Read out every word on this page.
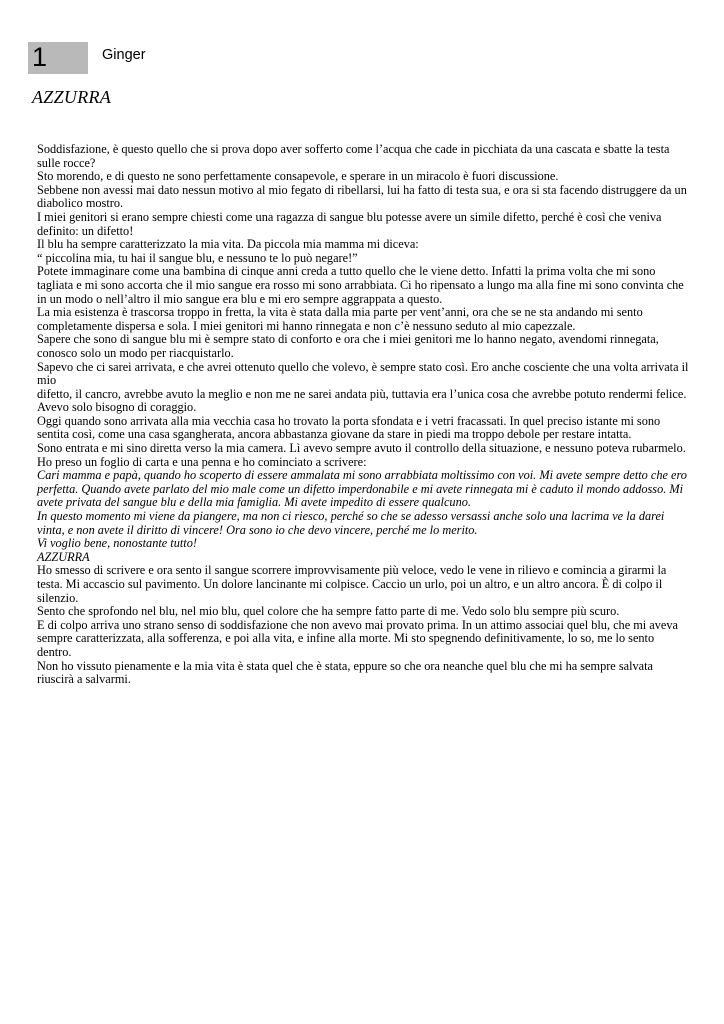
1	Ginger
AZZURRA

Soddisfazione, è questo quello che si prova dopo aver sofferto come l’acqua che cade in picchiata da una cascata e sbatte la testa sulle rocce?

Sto morendo, e di questo ne sono perfettamente consapevole, e sperare in un miracolo è fuori discussione.

Sebbene non avessi mai dato nessun motivo al mio fegato di ribellarsi, lui ha fatto di testa sua, e ora si sta facendo distruggere da un diabolico mostro.

I miei genitori si erano sempre chiesti come una ragazza di sangue blu potesse avere un simile difetto, perché è così che veniva definito: un difetto!

Il blu ha sempre caratterizzato la mia vita. Da piccola mia mamma mi diceva:

“ piccolina mia, tu hai il sangue blu, e nessuno te lo può negare!”

Potete immaginare come una bambina di cinque anni creda a tutto quello che le viene detto. Infatti la prima volta che mi sono tagliata e mi sono accorta che il mio sangue era rosso mi sono arrabbiata. Ci ho ripensato a lungo ma alla fine mi sono convinta che in un modo o nell’altro il mio sangue era blu e mi ero sempre aggrappata a questo.

La mia esistenza è trascorsa troppo in fretta, la vita è stata dalla mia parte per vent’anni, ora che se ne sta andando mi sento completamente dispersa e sola. I miei genitori mi hanno rinnegata e non c’è nessuno seduto al mio capezzale.

Sapere che sono di sangue blu mi è sempre stato di conforto e ora che i miei genitori me lo hanno negato, avendomi rinnegata, conosco solo un modo per riacquistarlo.

Sapevo che ci sarei arrivata, e che avrei ottenuto quello che volevo, è sempre stato così. Ero anche cosciente che una volta arrivata il mio

difetto, il cancro, avrebbe avuto la meglio e non me ne sarei andata più, tuttavia era l’unica cosa che avrebbe potuto rendermi felice.

Avevo solo bisogno di coraggio.

Oggi quando sono arrivata alla mia vecchia casa ho trovato la porta sfondata e i vetri fracassati. In quel preciso istante mi sono sentita così, come una casa sgangherata, ancora abbastanza giovane da stare in piedi ma troppo debole per restare intatta.

Sono entrata e mi sino diretta verso la mia camera. Lì avevo sempre avuto il controllo della situazione, e nessuno poteva rubarmelo.

Ho preso un foglio di carta e una penna e ho cominciato a scrivere:

Cari mamma e papà, quando ho scoperto di essere ammalata mi sono arrabbiata moltissimo con voi. Mi avete sempre detto che ero perfetta. Quando avete parlato del mio male come un difetto imperdonabile e mi avete rinnegata mi è caduto il mondo addosso. Mi avete privata del sangue blu e della mia famiglia. Mi avete impedito di essere qualcuno.

In questo momento mi viene da piangere, ma non ci riesco, perché so che se adesso versassi anche solo una lacrima ve la darei vinta, e non avete il diritto di vincere! Ora sono io che devo vincere, perché me lo merito.

Vi voglio bene, nonostante tutto!

AZZURRA

Ho smesso di scrivere e ora sento il sangue scorrere improvvisamente più veloce, vedo le vene in rilievo e comincia a girarmi la testa. Mi accascio sul pavimento. Un dolore lancinante mi colpisce. Caccio un urlo, poi un altro, e un altro ancora. È di colpo il silenzio.

Sento che sprofondo nel blu, nel mio blu, quel colore che ha sempre fatto parte di me. Vedo solo blu sempre più scuro.

E di colpo arriva uno strano senso di soddisfazione che non avevo mai provato prima. In un attimo associai quel blu, che mi aveva sempre caratterizzata, alla sofferenza, e poi alla vita, e infine alla morte. Mi sto spegnendo definitivamente, lo so, me lo sento dentro.

Non ho vissuto pienamente e la mia vita è stata quel che è stata, eppure so che ora neanche quel blu che mi ha sempre salvata riuscirà a salvarmi.
